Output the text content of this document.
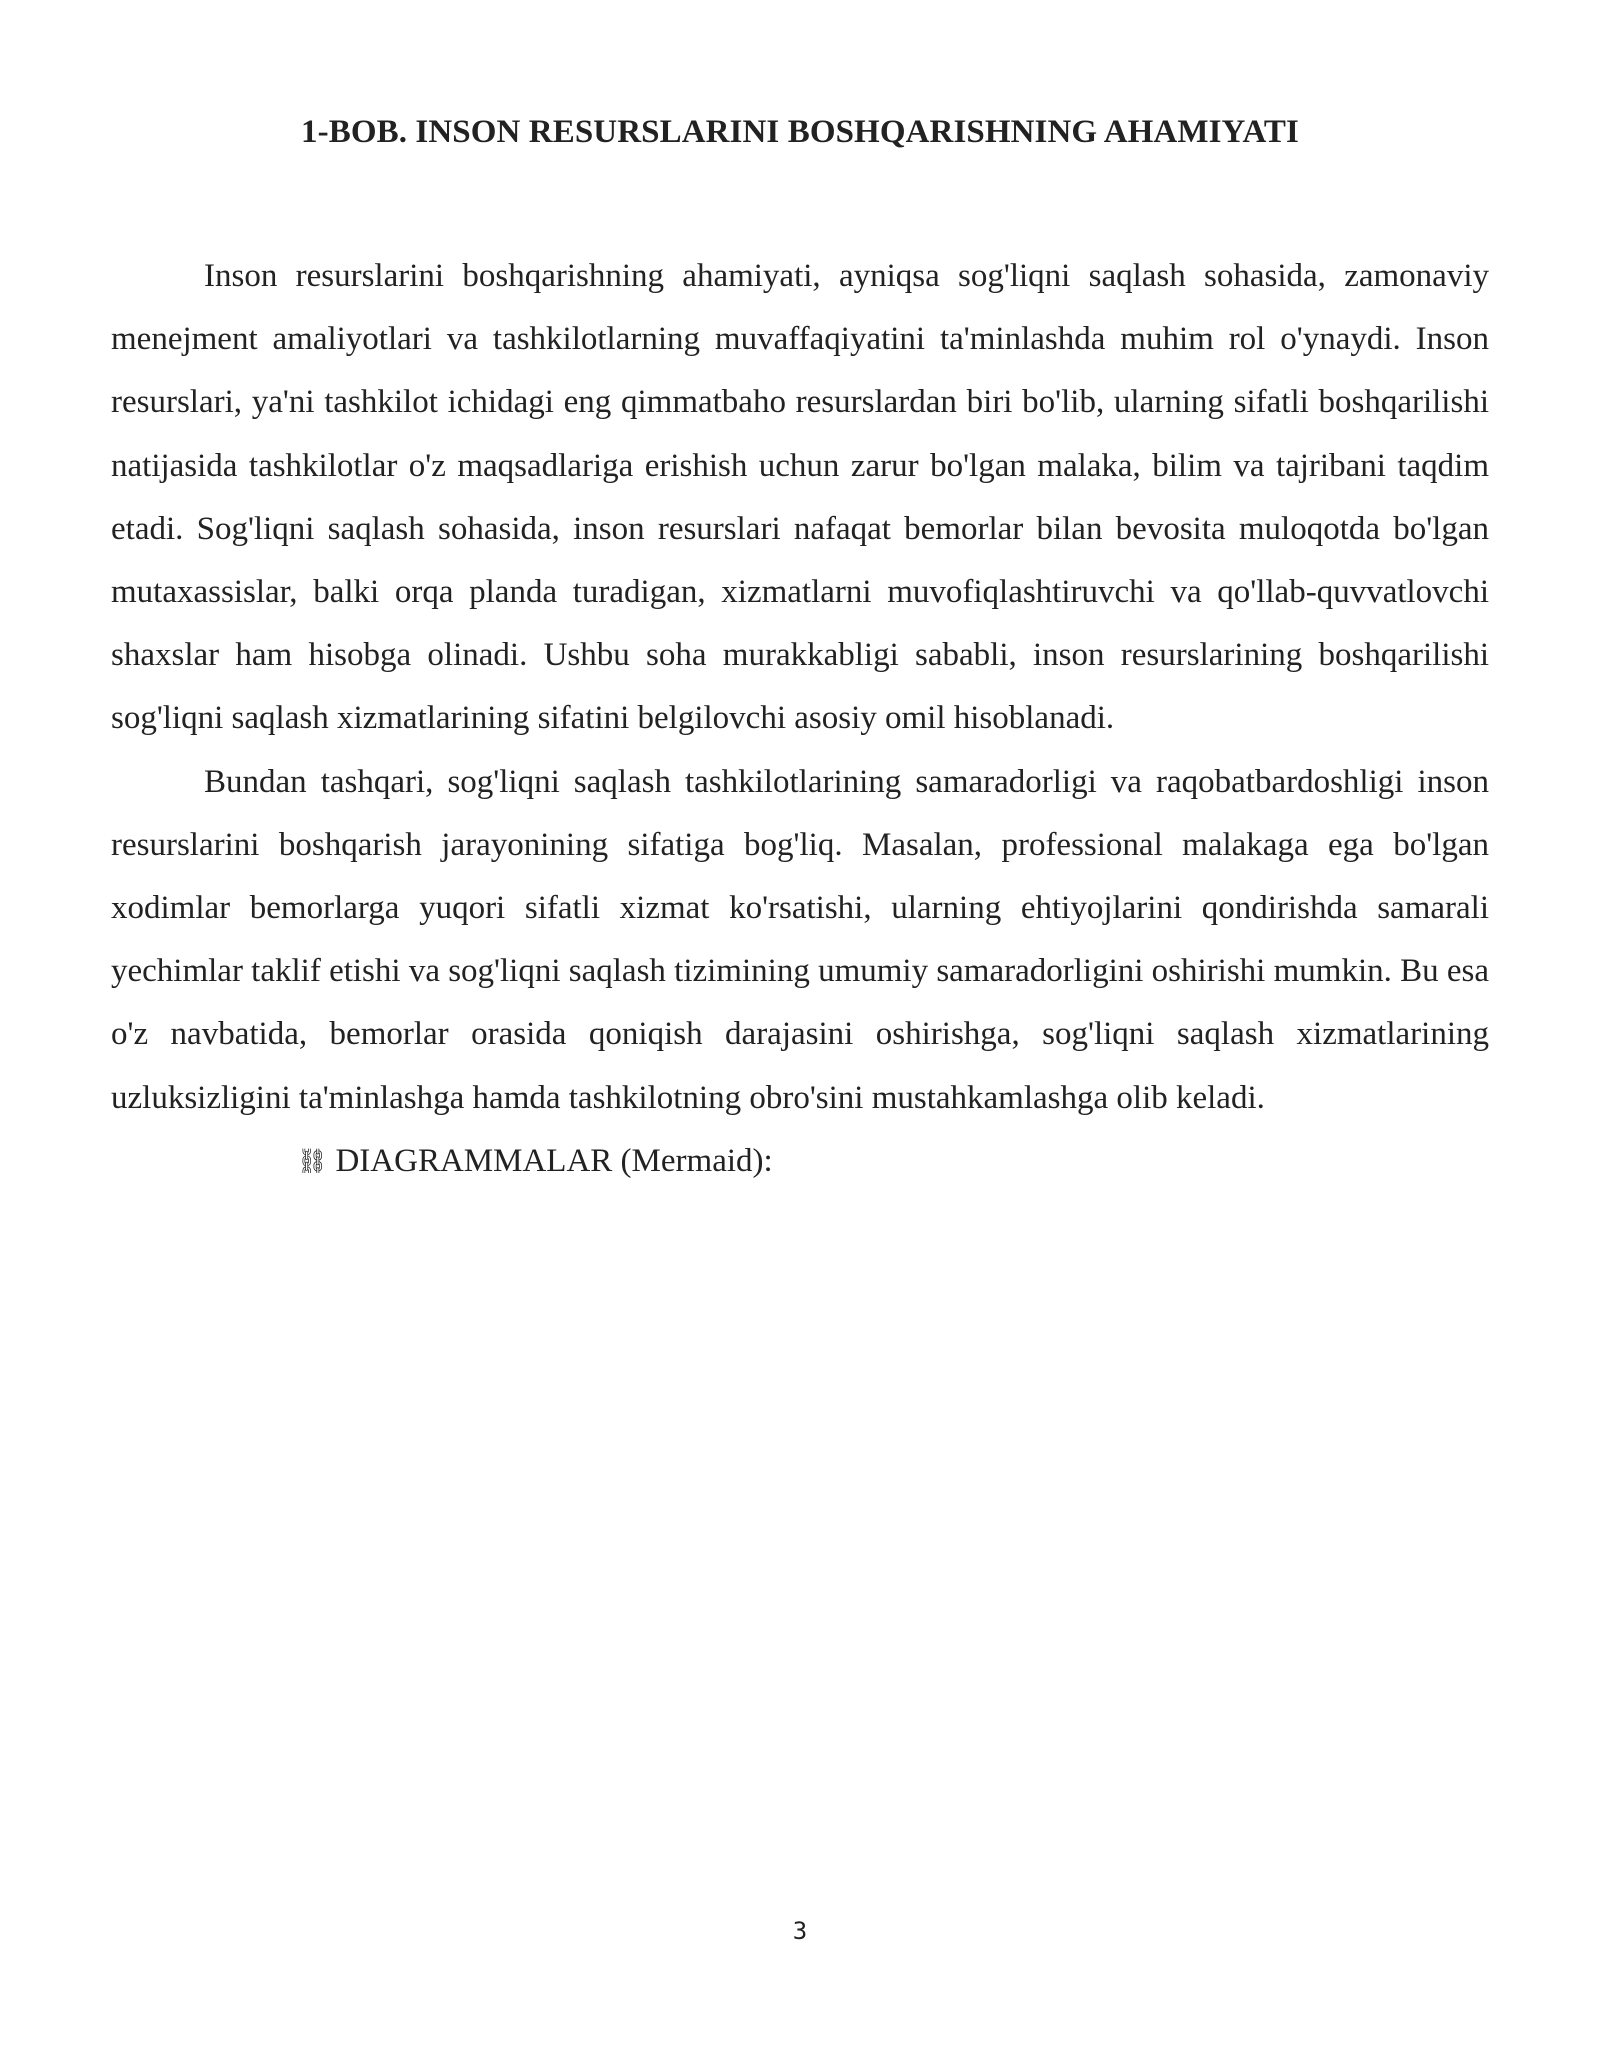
1-BOB. INSON RESURSLARINI BOSHQARISHNING AHAMIYATI

Inson resurslarini boshqarishning ahamiyati, ayniqsa sog'liqni saqlash sohasida, zamonaviy menejment amaliyotlari va tashkilotlarning muvaffaqiyatini ta'minlashda muhim rol o'ynaydi. Inson resurslari, ya'ni tashkilot ichidagi eng qimmatbaho resurslardan biri bo'lib, ularning sifatli boshqarilishi natijasida tashkilotlar o'z maqsadlariga erishish uchun zarur bo'lgan malaka, bilim va tajribani taqdim etadi. Sog'liqni saqlash sohasida, inson resurslari nafaqat bemorlar bilan bevosita muloqotda bo'lgan mutaxassislar, balki orqa planda turadigan, xizmatlarni muvofiqlashtiruvchi va qo'llab-quvvatlovchi shaxslar ham hisobga olinadi. Ushbu soha murakkabligi sababli, inson resurslarining boshqarilishi sog'liqni saqlash xizmatlarining sifatini belgilovchi asosiy omil hisoblanadi.

Bundan tashqari, sog'liqni saqlash tashkilotlarining samaradorligi va raqobatbardoshligi inson resurslarini boshqarish jarayonining sifatiga bog'liq. Masalan, professional malakaga ega bo'lgan xodimlar bemorlarga yuqori sifatli xizmat ko'rsatishi, ularning ehtiyojlarini qondirishda samarali yechimlar taklif etishi va sog'liqni saqlash tizimining umumiy samaradorligini oshirishi mumkin. Bu esa o'z navbatida, bemorlar orasida qoniqish darajasini oshirishga, sog'liqni saqlash xizmatlarining uzluksizligini ta'minlashga hamda tashkilotning obro'sini mustahkamlashga olib keladi.

⛓ DIAGRAMMALAR (Mermaid):

3
